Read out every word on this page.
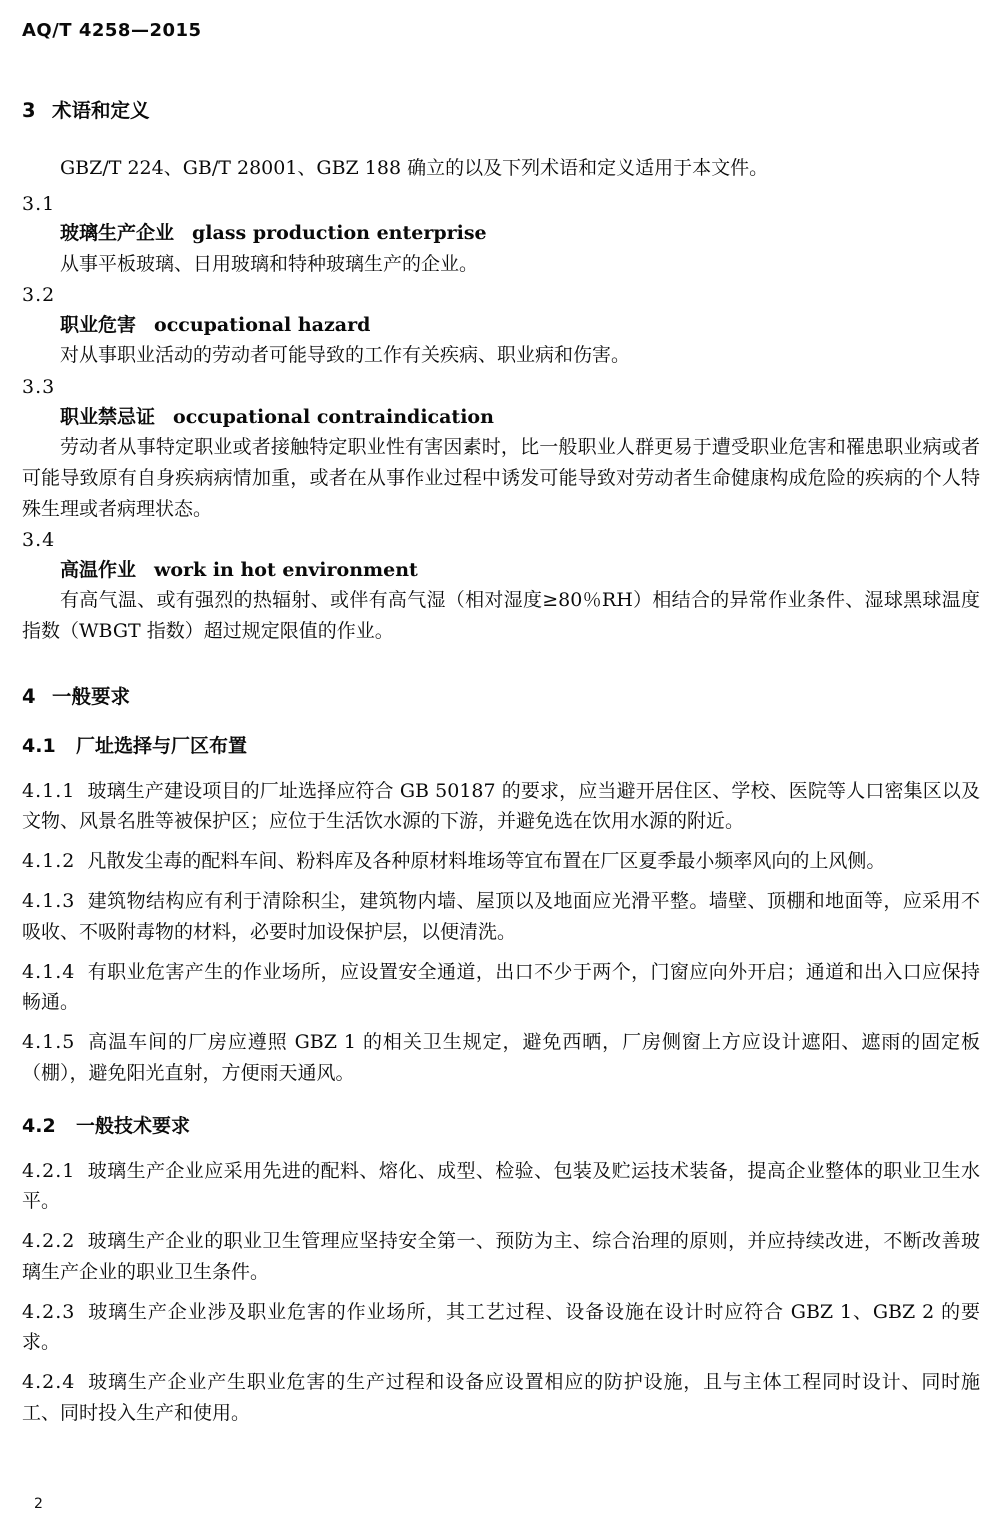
AQ/T 4258—2015
3 术语和定义

GBZ/T 224、GB/T 28001、GBZ 188 确立的以及下列术语和定义适用于本文件。

3.1

玻璃生产企业 glass production enterprise

从事平板玻璃、日用玻璃和特种玻璃生产的企业。

3.2

职业危害 occupational hazard

对从事职业活动的劳动者可能导致的工作有关疾病、职业病和伤害。

3.3

职业禁忌证 occupational contraindication

劳动者从事特定职业或者接触特定职业性有害因素时，比一般职业人群更易于遭受职业危害和罹患职业病或者可能导致原有自身疾病病情加重，或者在从事作业过程中诱发可能导致对劳动者生命健康构成危险的疾病的个人特殊生理或者病理状态。

3.4

高温作业 work in hot environment

有高气温、或有强烈的热辐射、或伴有高气湿（相对湿度≥80％RH）相结合的异常作业条件、湿球黑球温度指数（WBGT 指数）超过规定限值的作业。

4 一般要求
4.1 厂址选择与厂区布置

4.1.1 玻璃生产建设项目的厂址选择应符合 GB 50187 的要求，应当避开居住区、学校、医院等人口密集区以及文物、风景名胜等被保护区；应位于生活饮水源的下游，并避免选在饮用水源的附近。

4.1.2 凡散发尘毒的配料车间、粉料库及各种原材料堆场等宜布置在厂区夏季最小频率风向的上风侧。

4.1.3 建筑物结构应有利于清除积尘，建筑物内墙、屋顶以及地面应光滑平整。墙壁、顶棚和地面等，应采用不吸收、不吸附毒物的材料，必要时加设保护层，以便清洗。

4.1.4 有职业危害产生的作业场所，应设置安全通道，出口不少于两个，门窗应向外开启；通道和出入口应保持畅通。

4.1.5 高温车间的厂房应遵照 GBZ 1 的相关卫生规定，避免西晒，厂房侧窗上方应设计遮阳、遮雨的固定板（棚），避免阳光直射，方便雨天通风。

4.2 一般技术要求

4.2.1 玻璃生产企业应采用先进的配料、熔化、成型、检验、包装及贮运技术装备，提高企业整体的职业卫生水平。

4.2.2 玻璃生产企业的职业卫生管理应坚持安全第一、预防为主、综合治理的原则，并应持续改进，不断改善玻璃生产企业的职业卫生条件。

4.2.3 玻璃生产企业涉及职业危害的作业场所，其工艺过程、设备设施在设计时应符合 GBZ 1、GBZ 2 的要求。

4.2.4 玻璃生产企业产生职业危害的生产过程和设备应设置相应的防护设施，且与主体工程同时设计、同时施工、同时投入生产和使用。

2
